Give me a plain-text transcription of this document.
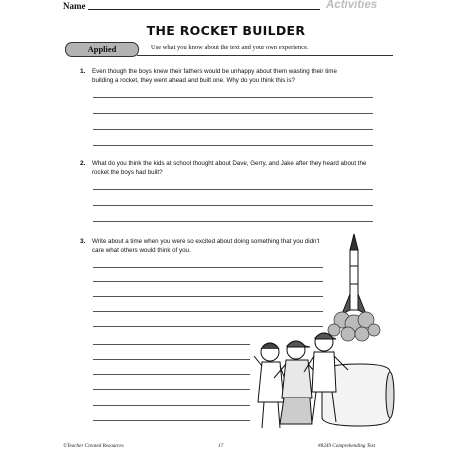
Name	Activities
THE ROCKET BUILDER
Applied	Use what you know about the text and your own experience.
1. Even though the boys knew their fathers would be unhappy about them wasting their time
building a rocket, they went ahead and built one. Why do you think this is?
2. What do you think the kids at school thought about Dave, Gerry, and Jake after they heard about the
rocket the boys had built?
3. Write about a time when you were so excited about doing something that you didn't
care what others would think of you.
©Teacher Created Resources	17	#8249 Comprehending Text
